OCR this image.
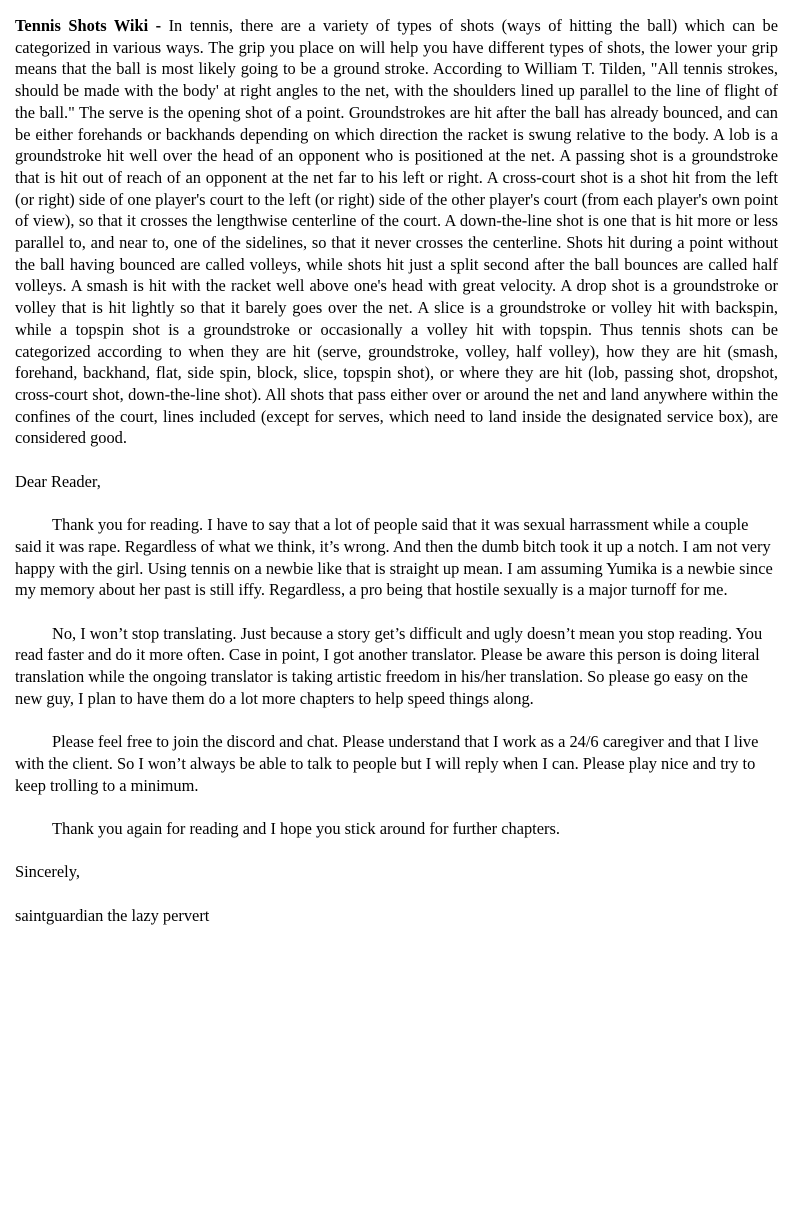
Tennis Shots Wiki - In tennis, there are a variety of types of shots (ways of hitting the ball) which can be categorized in various ways. The grip you place on will help you have different types of shots, the lower your grip means that the ball is most likely going to be a ground stroke. According to William T. Tilden, "All tennis strokes, should be made with the body' at right angles to the net, with the shoulders lined up parallel to the line of flight of the ball." The serve is the opening shot of a point. Groundstrokes are hit after the ball has already bounced, and can be either forehands or backhands depending on which direction the racket is swung relative to the body. A lob is a groundstroke hit well over the head of an opponent who is positioned at the net. A passing shot is a groundstroke that is hit out of reach of an opponent at the net far to his left or right. A cross-court shot is a shot hit from the left (or right) side of one player's court to the left (or right) side of the other player's court (from each player's own point of view), so that it crosses the lengthwise centerline of the court. A down-the-line shot is one that is hit more or less parallel to, and near to, one of the sidelines, so that it never crosses the centerline. Shots hit during a point without the ball having bounced are called volleys, while shots hit just a split second after the ball bounces are called half volleys. A smash is hit with the racket well above one's head with great velocity. A drop shot is a groundstroke or volley that is hit lightly so that it barely goes over the net. A slice is a groundstroke or volley hit with backspin, while a topspin shot is a groundstroke or occasionally a volley hit with topspin. Thus tennis shots can be categorized according to when they are hit (serve, groundstroke, volley, half volley), how they are hit (smash, forehand, backhand, flat, side spin, block, slice, topspin shot), or where they are hit (lob, passing shot, dropshot, cross-court shot, down-the-line shot). All shots that pass either over or around the net and land anywhere within the confines of the court, lines included (except for serves, which need to land inside the designated service box), are considered good.

Dear Reader,

Thank you for reading. I have to say that a lot of people said that it was sexual harrassment while a couple said it was rape. Regardless of what we think, it’s wrong. And then the dumb bitch took it up a notch. I am not very happy with the girl. Using tennis on a newbie like that is straight up mean. I am assuming Yumika is a newbie since my memory about her past is still iffy. Regardless, a pro being that hostile sexually is a major turnoff for me.

No, I won’t stop translating. Just because a story get’s difficult and ugly doesn’t mean you stop reading. You read faster and do it more often. Case in point, I got another translator. Please be aware this person is doing literal translation while the ongoing translator is taking artistic freedom in his/her translation. So please go easy on the new guy, I plan to have them do a lot more chapters to help speed things along.

Please feel free to join the discord and chat. Please understand that I work as a 24/6 caregiver and that I live with the client. So I won’t always be able to talk to people but I will reply when I can. Please play nice and try to keep trolling to a minimum.

Thank you again for reading and I hope you stick around for further chapters.

Sincerely,

saintguardian the lazy pervert
